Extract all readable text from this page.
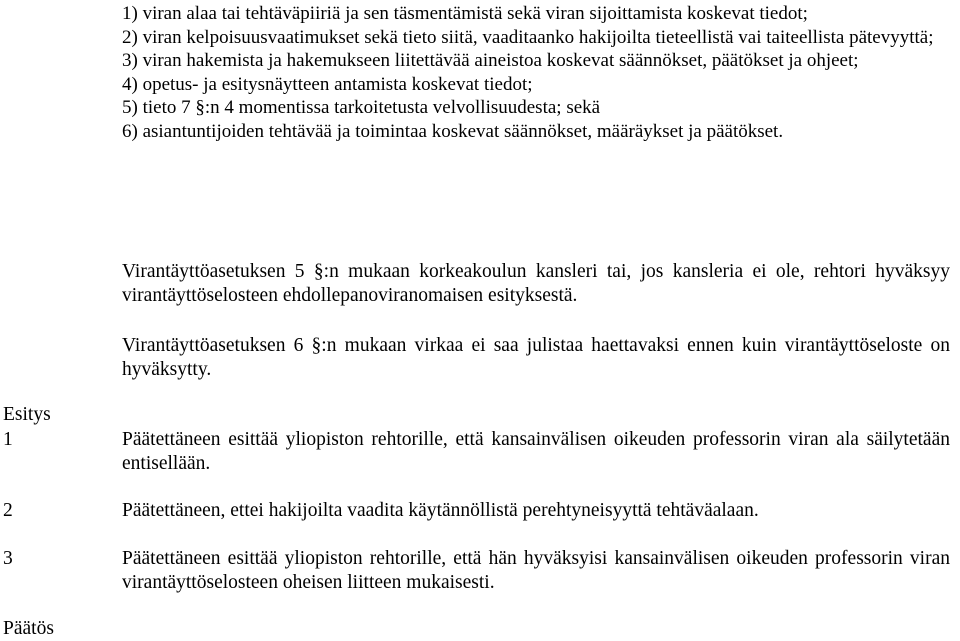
1) viran alaa tai tehtäväpiiriä ja sen täsmentämistä sekä viran sijoittamista koskevat tiedot;

2) viran kelpoisuusvaatimukset sekä tieto siitä, vaaditaanko hakijoilta tieteellistä vai taiteellista pätevyyttä;

3) viran hakemista ja hakemukseen liitettävää aineistoa koskevat säännökset, päätökset ja ohjeet;

4) opetus- ja esitysnäytteen antamista koskevat tiedot;

5) tieto 7 §:n 4 momentissa tarkoitetusta velvollisuudesta; sekä

6) asiantuntijoiden tehtävää ja toimintaa koskevat säännökset, määräykset ja päätökset.

Virantäyttöasetuksen 5 §:n mukaan korkeakoulun kansleri tai, jos kansleria ei ole, rehtori hyväksyy virantäyttöselosteen ehdollepanoviranomaisen esityksestä.

Virantäyttöasetuksen 6 §:n mukaan virkaa ei saa julistaa haettavaksi ennen kuin virantäyttöseloste on hyväksytty.

Esitys

1	Päätettäneen esittää yliopiston rehtorille, että kansainvälisen oikeuden professorin viran ala säilytetään entisellään.

2	Päätettäneen, ettei hakijoilta vaadita käytännöllistä perehtyneisyyttä tehtäväalaan.

3	Päätettäneen esittää yliopiston rehtorille, että hän hyväksyisi kansainvälisen oikeuden professorin viran virantäyttöselosteen oheisen liitteen mukaisesti.

Päätös
